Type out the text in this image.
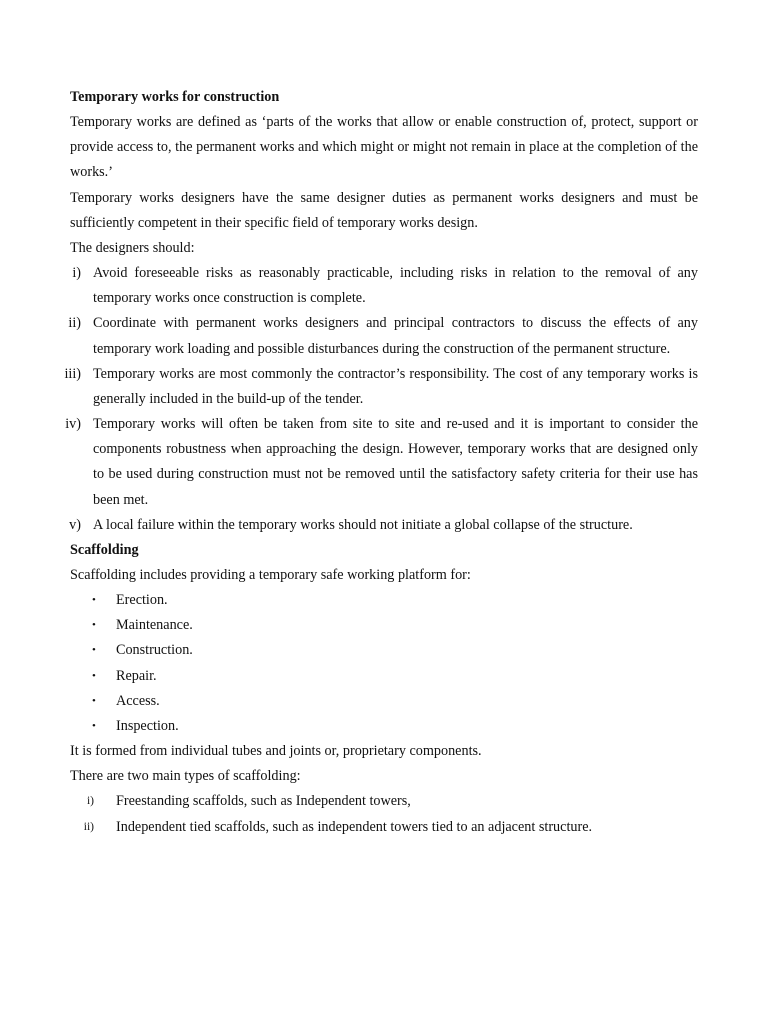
Temporary works for construction

Temporary works are defined as ‘parts of the works that allow or enable construction of, protect, support or provide access to, the permanent works and which might or might not remain in place at the completion of the works.’

Temporary works designers have the same designer duties as permanent works designers and must be sufficiently competent in their specific field of temporary works design.

The designers should:

i) Avoid foreseeable risks as reasonably practicable, including risks in relation to the removal of any temporary works once construction is complete.
ii) Coordinate with permanent works designers and principal contractors to discuss the effects of any temporary work loading and possible disturbances during the construction of the permanent structure.
iii) Temporary works are most commonly the contractor’s responsibility. The cost of any temporary works is generally included in the build-up of the tender.
iv) Temporary works will often be taken from site to site and re-used and it is important to consider the components robustness when approaching the design. However, temporary works that are designed only to be used during construction must not be removed until the satisfactory safety criteria for their use has been met.
v) A local failure within the temporary works should not initiate a global collapse of the structure.
Scaffolding

Scaffolding includes providing a temporary safe working platform for:

• Erection.
• Maintenance.
• Construction.
• Repair.
• Access.
• Inspection.

It is formed from individual tubes and joints or, proprietary components.

There are two main types of scaffolding:

i) Freestanding scaffolds, such as Independent towers,
ii) Independent tied scaffolds, such as independent towers tied to an adjacent structure.
